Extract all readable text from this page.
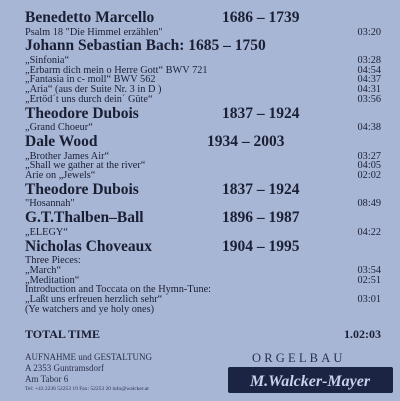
Benedetto Marcello	1686 – 1739
Psalm 18 "Die Himmel erzählen"	03:20
Johann Sebastian Bach: 1685 – 1750
„Sinfonia“	03:28
„Erbarm dich mein o Herre Gott“ BWV 721	04:54
„Fantasia in c- moll“ BWV 562	04:37
„Aria“ (aus der Suite Nr. 3 in D )	04:31
„Ertöd´t uns durch dein´ Güte“	03:56
Theodore Dubois	1837 – 1924
„Grand Choeur“	04:38
Dale Wood	1934 – 2003
„Brother James Air“	03:27
„Shall we gather at the river“	04:05
Arie on „Jewels“	02:02
Theodore Dubois	1837 – 1924
"Hosannah"	08:49
G.T.Thalben–Ball	1896 – 1987
„ELEGY“	04:22
Nicholas Choveaux	1904 – 1995
Three Pieces:
„March“	03:54
„Meditation“	02:51
Introduction and Toccata on the Hymn-Tune:
„Laßt uns erfreuen herzlich sehr“	03:01
(Ye watchers and ye holy ones)
TOTAL TIME	1.02:03
AUFNAHME und GESTALTUNG
A 2353 Guntramsdorf
Am Tabor 6
Tel: +43 2236 52253 19 Fax: 52253 20 info@walcker.at
ORGELBAU
M.Walcker-Mayer
